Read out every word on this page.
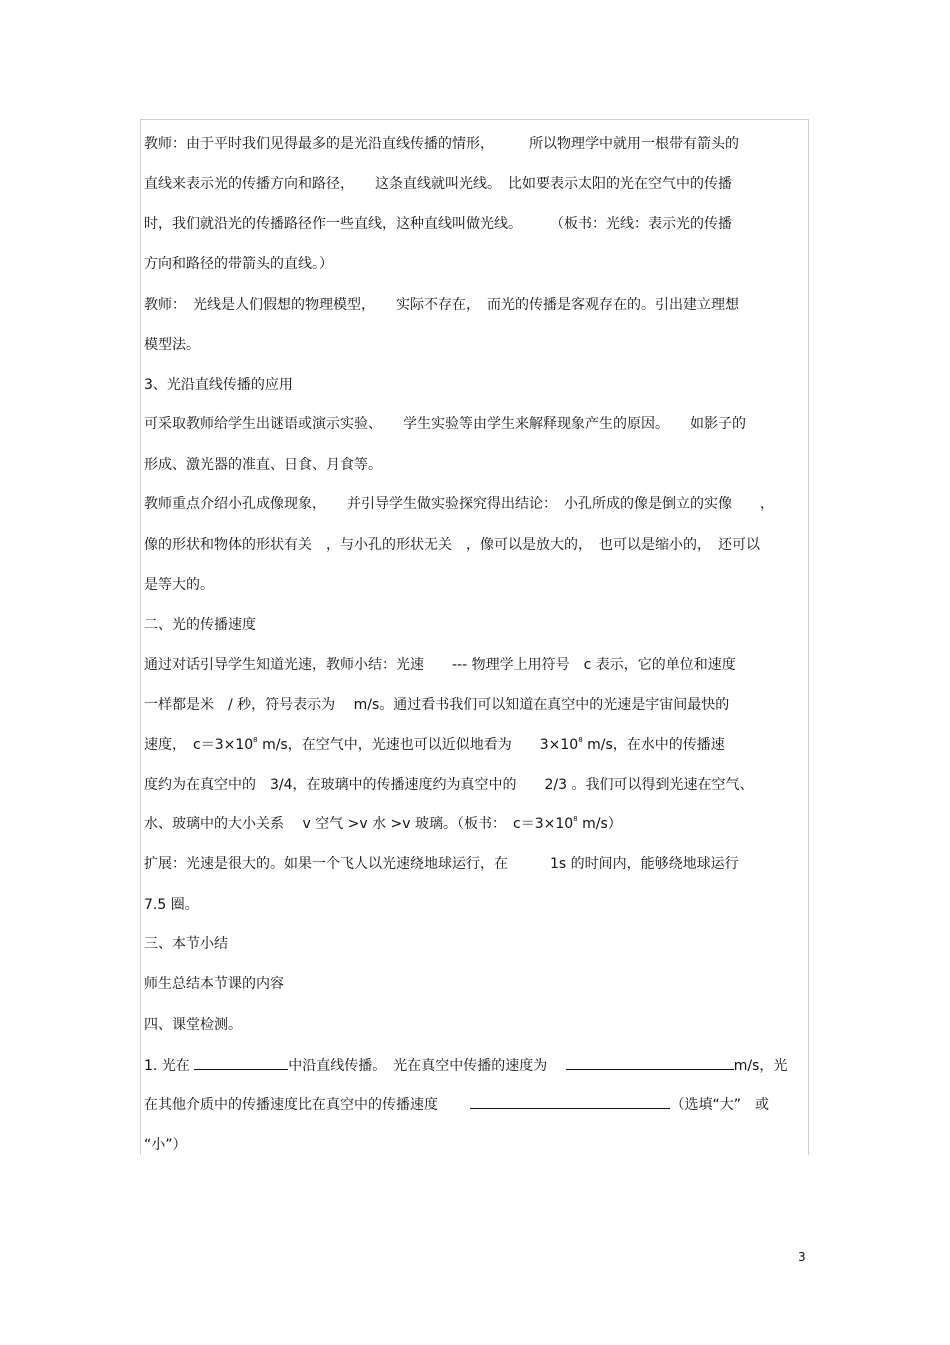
教师：由于平时我们见得最多的是光沿直线传播的情形，　　　所以物理学中就用一根带有箭头的
直线来表示光的传播方向和路径，　　这条直线就叫光线。　比如要表示太阳的光在空气中的传播
时，我们就沿光的传播路径作一些直线，这种直线叫做光线。　　　（板书：光线：表示光的传播
方向和路径的带箭头的直线。）
教师：　光线是人们假想的物理模型，　　实际不存在，　而光的传播是客观存在的。引出建立理想
模型法。
3、光沿直线传播的应用
可采取教师给学生出谜语或演示实验、　　学生实验等由学生来解释现象产生的原因。　　如影子的
形成、激光器的准直、日食、月食等。
教师重点介绍小孔成像现象，　　并引导学生做实验探究得出结论：　小孔所成的像是倒立的实像　　，
像的形状和物体的形状有关　，与小孔的形状无关　，像可以是放大的，　也可以是缩小的，　还可以
是等大的。
二、光的传播速度
通过对话引导学生知道光速，教师小结：光速　　--- 物理学上用符号　c 表示，它的单位和速度
一样都是米　/ 秒，符号表示为　 m/s。通过看书我们可以知道在真空中的光速是宇宙间最快的
速度，　$c=3\times 10^8$ m/s，在空气中，光速也可以近似地看为　　$3\times 10^8$ m/s，在水中的传播速
度约为在真空中的　3/4，在玻璃中的传播速度约为真空中的　　2/3 。我们可以得到光速在空气、
水、玻璃中的大小关系　 v 空气 >v 水 >v 玻璃。（板书：　$c=3\times 10^8$ m/s）
扩展：光速是很大的。如果一个飞人以光速绕地球运行，在　　　1s 的时间内，能够绕地球运行
7.5 圈。
三、本节小结
师生总结本节课的内容
四、课堂检测。
1. 光在	中沿直线传播。　光在真空中传播的速度为　	m/s，光
在其他介质中的传播速度比在真空中的传播速度　　	（选填“大”　或
“小”）
3
